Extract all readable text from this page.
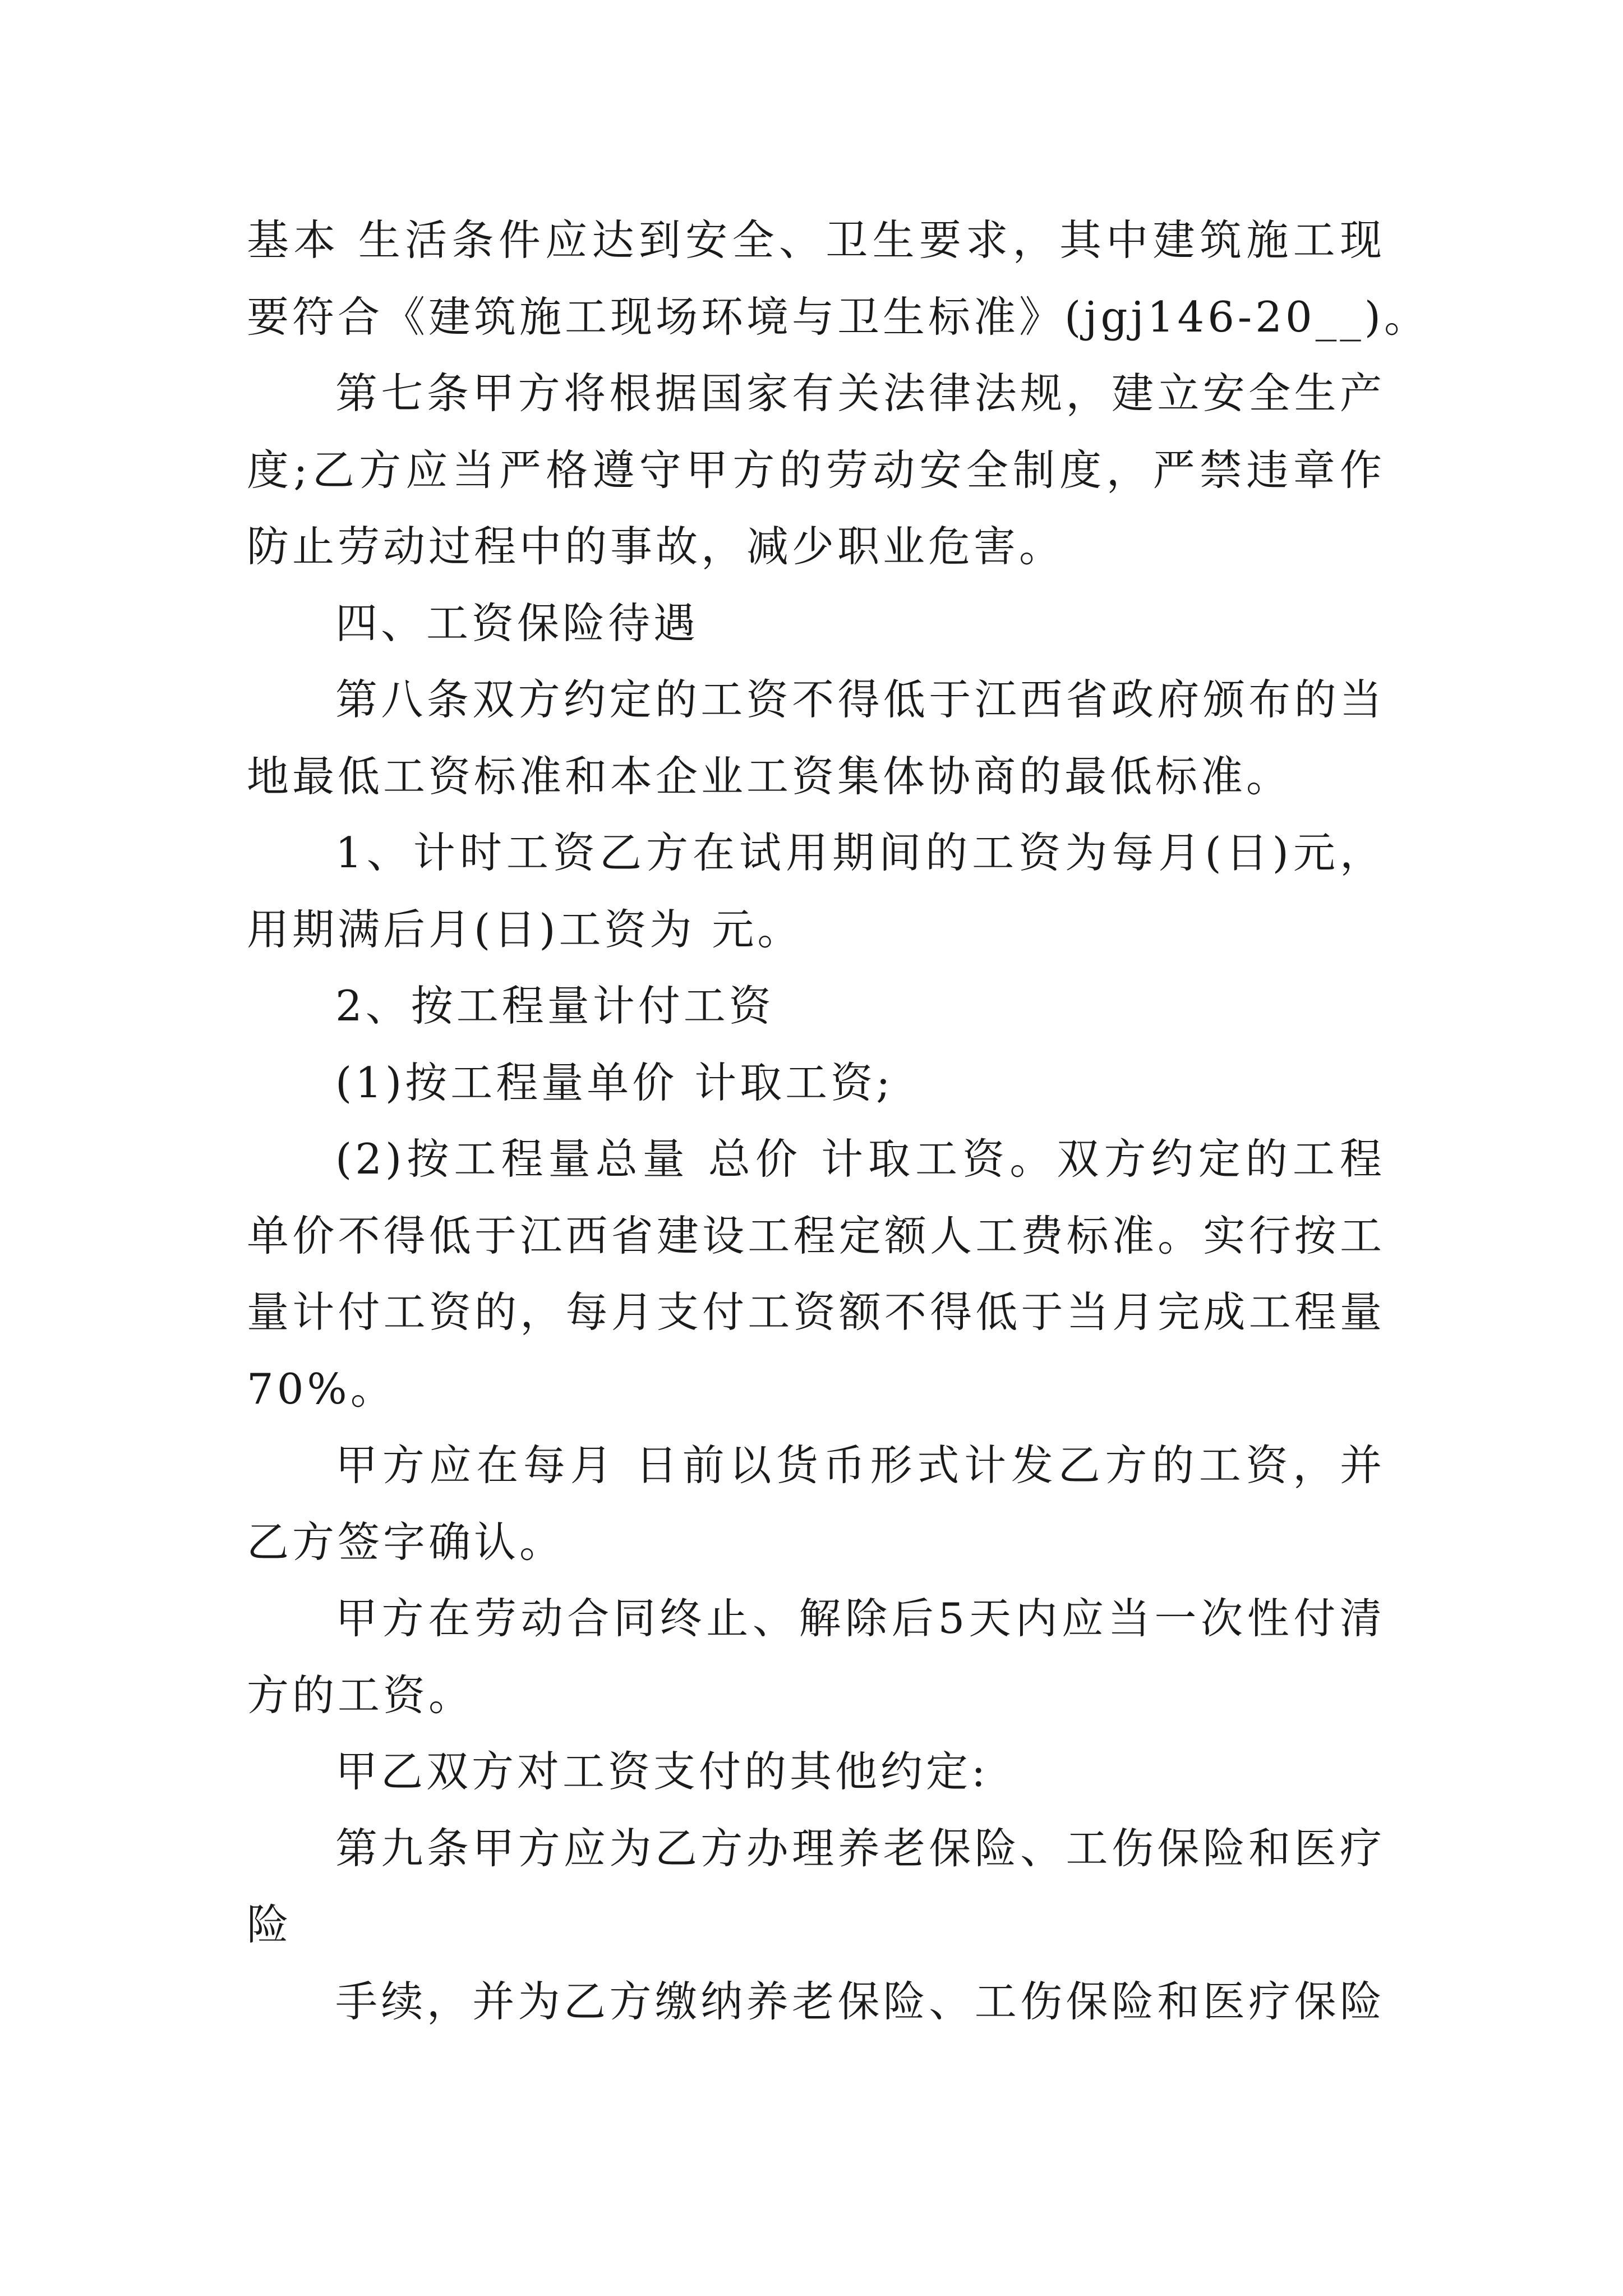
基本 生活条件应达到安全、卫生要求，其中建筑施工现
要符合《建筑施工现场环境与卫生标准》(jgj146-20__)。
第七条甲方将根据国家有关法律法规，建立安全生产
度;乙方应当严格遵守甲方的劳动安全制度，严禁违章作
防止劳动过程中的事故，减少职业危害。
四、工资保险待遇
第八条双方约定的工资不得低于江西省政府颁布的当
地最低工资标准和本企业工资集体协商的最低标准。
1、计时工资乙方在试用期间的工资为每月(日)元，
用期满后月(日)工资为 元。
2、按工程量计付工资
(1)按工程量单价 计取工资;
(2)按工程量总量 总价 计取工资。双方约定的工程
单价不得低于江西省建设工程定额人工费标准。实行按工
量计付工资的，每月支付工资额不得低于当月完成工程量
70%。
甲方应在每月 日前以货币形式计发乙方的工资，并
乙方签字确认。
甲方在劳动合同终止、解除后5天内应当一次性付清
方的工资。
甲乙双方对工资支付的其他约定:
第九条甲方应为乙方办理养老保险、工伤保险和医疗
险
手续，并为乙方缴纳养老保险、工伤保险和医疗保险
